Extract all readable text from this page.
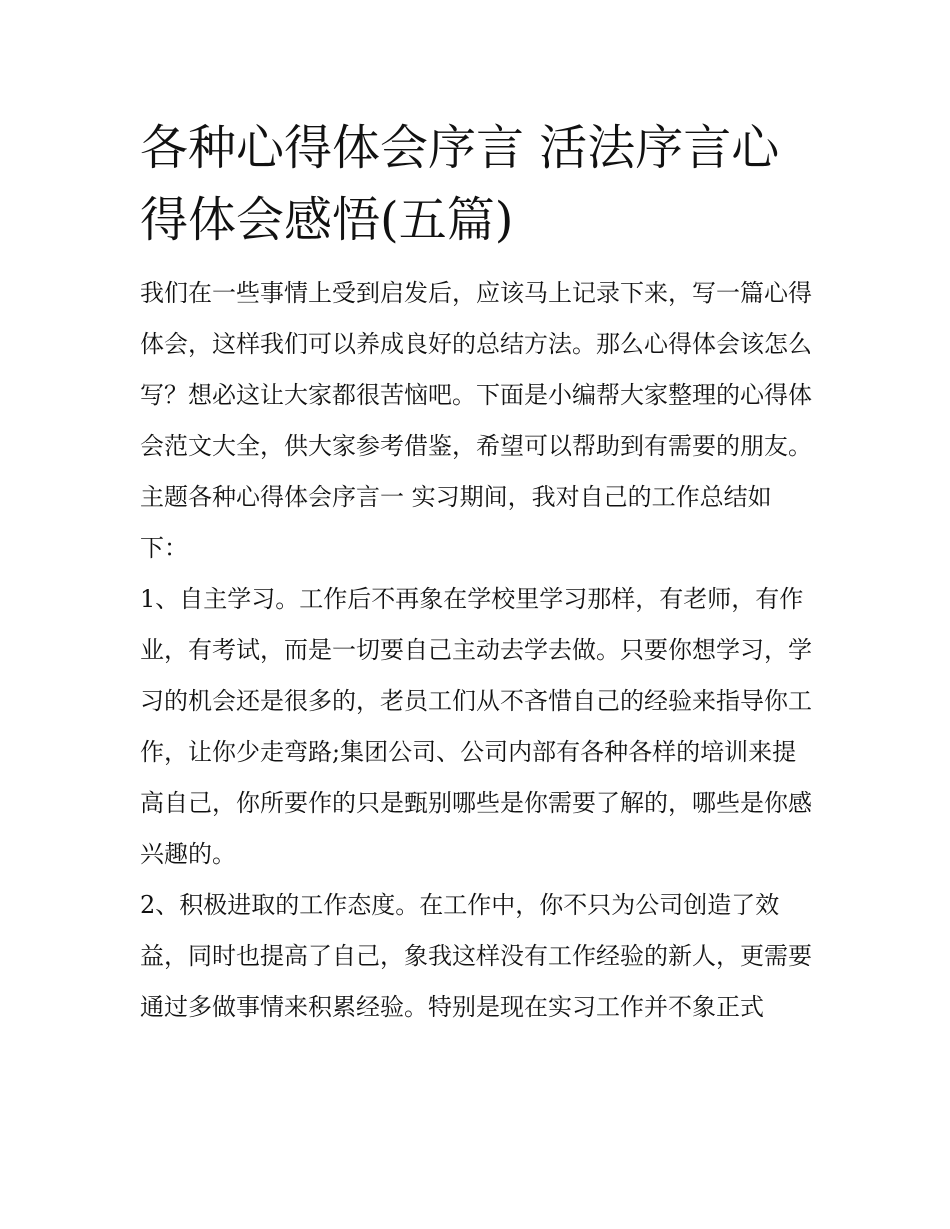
各种心得体会序言 活法序言心得体会感悟(五篇)

我们在一些事情上受到启发后，应该马上记录下来，写一篇心得体会，这样我们可以养成良好的总结方法。那么心得体会该怎么写？想必这让大家都很苦恼吧。下面是小编帮大家整理的心得体会范文大全，供大家参考借鉴，希望可以帮助到有需要的朋友。

主题各种心得体会序言一 实习期间，我对自己的工作总结如下：

1、自主学习。工作后不再象在学校里学习那样，有老师，有作业，有考试，而是一切要自己主动去学去做。只要你想学习，学习的机会还是很多的，老员工们从不吝惜自己的经验来指导你工作，让你少走弯路;集团公司、公司内部有各种各样的培训来提高自己，你所要作的只是甄别哪些是你需要了解的，哪些是你感兴趣的。

2、积极进取的工作态度。在工作中，你不只为公司创造了效益，同时也提高了自己，象我这样没有工作经验的新人，更需要通过多做事情来积累经验。特别是现在实习工作并不象正式
